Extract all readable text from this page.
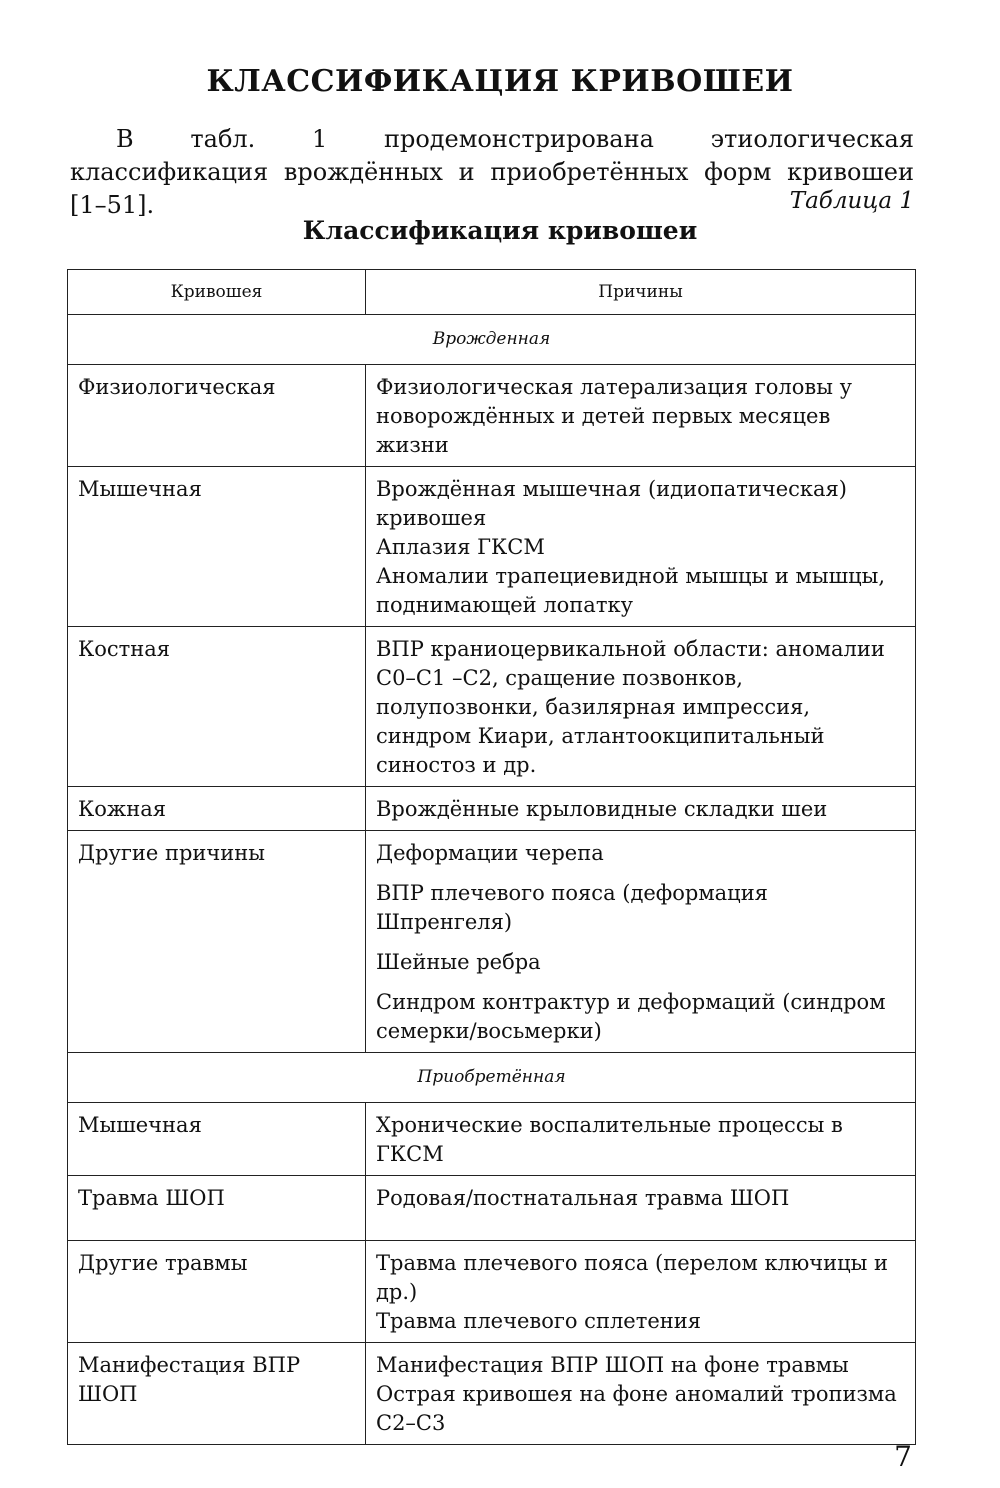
КЛАССИФИКАЦИЯ КРИВОШЕИ

В табл. 1 продемонстрирована этиологическая классификация врождённых и приобретённых форм кривошеи [1–51].	Таблица 1
Классификация кривошеи
Кривошея	Причины
Врожденная	
Физиологическая	Физиологическая латерализация головы у новорождённых и детей первых месяцев жизни

Мышечная	Врождённая мышечная (идиопатическая) кривошея
Аплазия ГКСМ
Аномалии трапециевидной мышцы и мышцы, поднимающей лопатку

Костная	ВПР краниоцервикальной области: аномалии С0–С1 –С2, сращение позвонков, полупозвонки, базилярная импрессия, синдром Киари, атлантоокципитальный синостоз и др.

Кожная	Врождённые крыловидные складки шеи

Другие причины	Деформации черепа
ВПР плечевого пояса (деформация Шпренгеля)
Шейные ребра
Синдром контрактур и деформаций (синдром семерки/восьмерки)

Приобретённая	
Мышечная	Хронические воспалительные процессы в ГКСМ

Травма ШОП	Родовая/постнатальная травма ШОП

Другие травмы	Травма плечевого пояса (перелом ключицы и др.)
Травма плечевого сплетения

Манифестация ВПР ШОП	Манифестация ВПР ШОП на фоне травмы
Острая кривошея на фоне аномалий тропизма С2–С3
7
